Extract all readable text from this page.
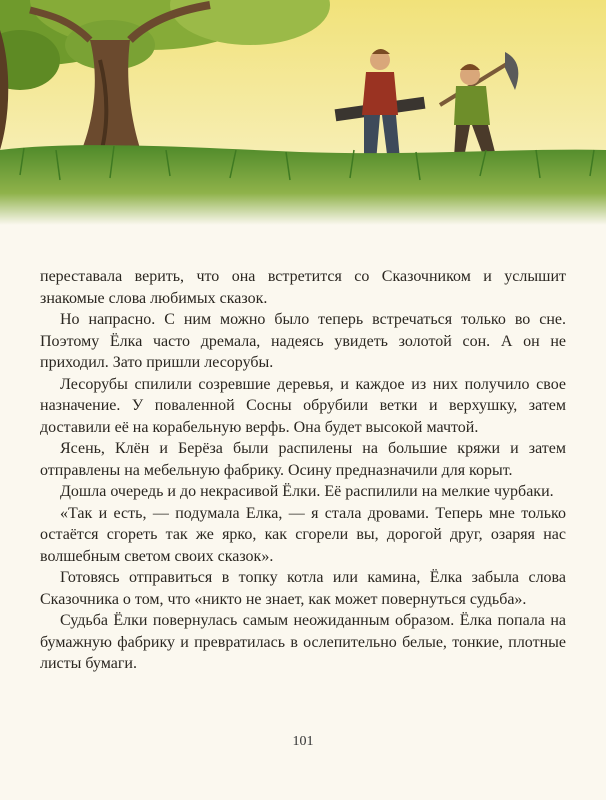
переставала верить, что она встретится со Сказочником и услышит знакомые слова любимых сказок.

Но напрасно. С ним можно было теперь встречаться только во сне. Поэтому Ёлка часто дремала, надеясь увидеть золотой сон. А он не приходил. Зато пришли лесорубы.

Лесорубы спилили созревшие деревья, и каждое из них получило свое назначение. У поваленной Сосны обрубили ветки и верхушку, затем доставили её на корабельную верфь. Она будет высокой мачтой.

Ясень, Клён и Берёза были распилены на большие кряжи и затем отправлены на мебельную фабрику. Осину предназначили для корыт.

Дошла очередь и до некрасивой Ёлки. Её распилили на мелкие чурбаки.

«Так и есть, — подумала Елка, — я стала дровами. Теперь мне только остаётся сгореть так же ярко, как сгорели вы, дорогой друг, озаряя нас волшебным светом своих сказок».

Готовясь отправиться в топку котла или камина, Ёлка забыла слова Сказочника о том, что «никто не знает, как может повернуться судьба».

Судьба Ёлки повернулась самым неожиданным образом. Ёлка попала на бумажную фабрику и превратилась в ослепительно белые, тонкие, плотные листы бумаги.

101
